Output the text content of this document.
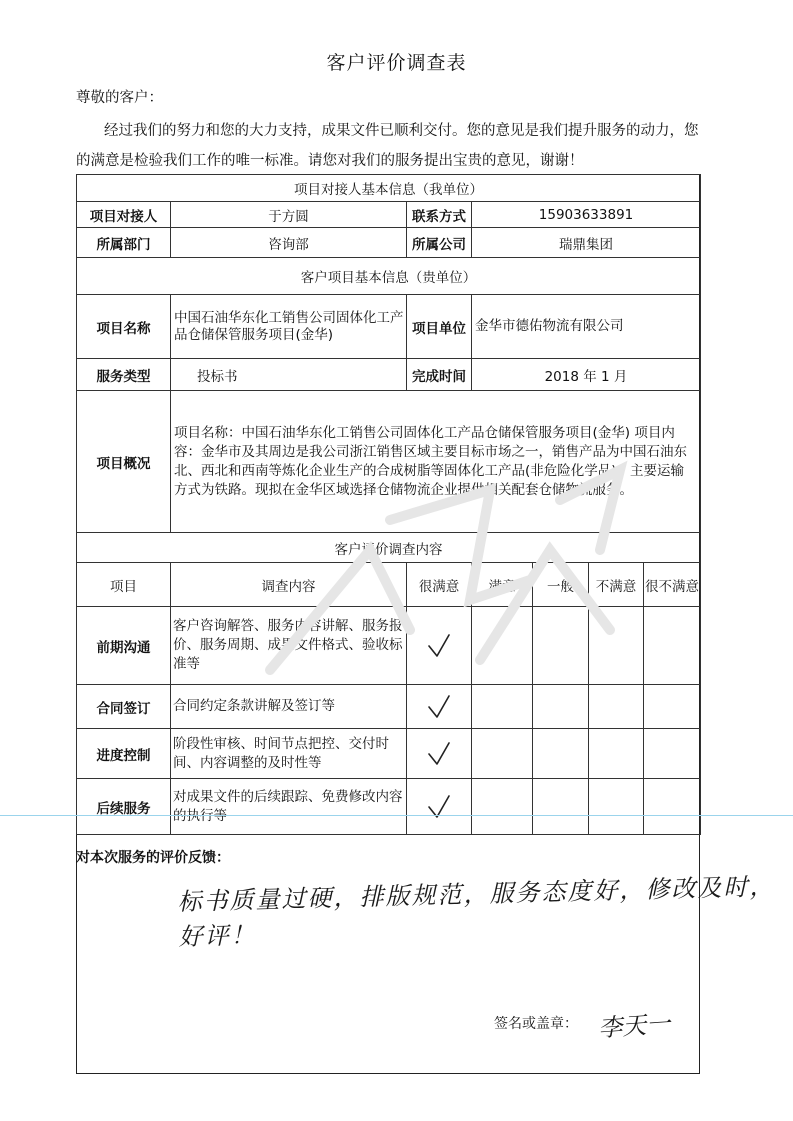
客户评价调查表
尊敬的客户：
经过我们的努力和您的大力支持，成果文件已顺利交付。您的意见是我们提升服务的动力，您的满意是检验我们工作的唯一标准。请您对我们的服务提出宝贵的意见，谢谢！
项目对接人基本信息（我单位）						
项目对接人	于方圆	联系方式	15903633891			
所属部门	咨询部	所属公司	瑞鼎集团			
客户项目基本信息（贵单位）						
项目名称	中国石油华东化工销售公司固体化工产品仓储保管服务项目(金华)	项目单位	金华市德佑物流有限公司			
服务类型	投标书	完成时间	2018 年 1 月			
项目概况	项目名称：中国石油华东化工销售公司固体化工产品仓储保管服务项目(金华) 项目内容：金华市及其周边是我公司浙江销售区域主要目标市场之一，销售产品为中国石油东北、西北和西南等炼化企业生产的合成树脂等固体化工产品(非危险化学品)，主要运输方式为铁路。现拟在金华区域选择仓储物流企业提供相关配套仓储物流服务。					
客户评价调查内容						
项目	调查内容	很满意	满意	一般	不满意	很不满意
前期沟通	客户咨询解答、服务内容讲解、服务报价、服务周期、成果文件格式、验收标准等					
合同签订	合同约定条款讲解及签订等					
进度控制	阶段性审核、时间节点把控、交付时间、内容调整的及时性等					
后续服务	对成果文件的后续跟踪、免费修改内容的执行等					
对本次服务的评价反馈：
标书质量过硬，排版规范，服务态度好，修改及时，好评！
签名或盖章： 李天一
